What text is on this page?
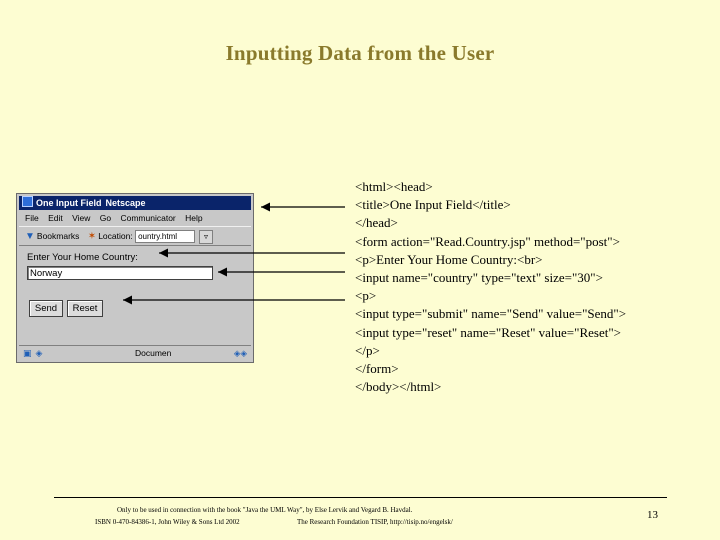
Inputting Data from the User
One Input Field Netscape
File Edit View Go Communicator Help
▼ Bookmarks ✶ Location: ountry.html	▿
Enter Your Home Country:
Norway
Send	Reset
▣ ◈	Documen	◈◈
<html><head>
<title>One Input Field</title>
</head>
<form action="Read.Country.jsp" method="post">
<p>Enter Your Home Country:<br>
<input name="country" type="text" size="30">
<p>
<input type="submit" name="Send" value="Send">
<input type="reset" name="Reset" value="Reset">
</p>
</form>
</body></html>
Only to be used in connection with the book "Java the UML Way", by Else Lervik and Vegard B. Havdal.
ISBN 0-470-84386-1, John Wiley & Sons Ltd 2002	The Research Foundation TISIP, http://tisip.no/engelsk/
13
